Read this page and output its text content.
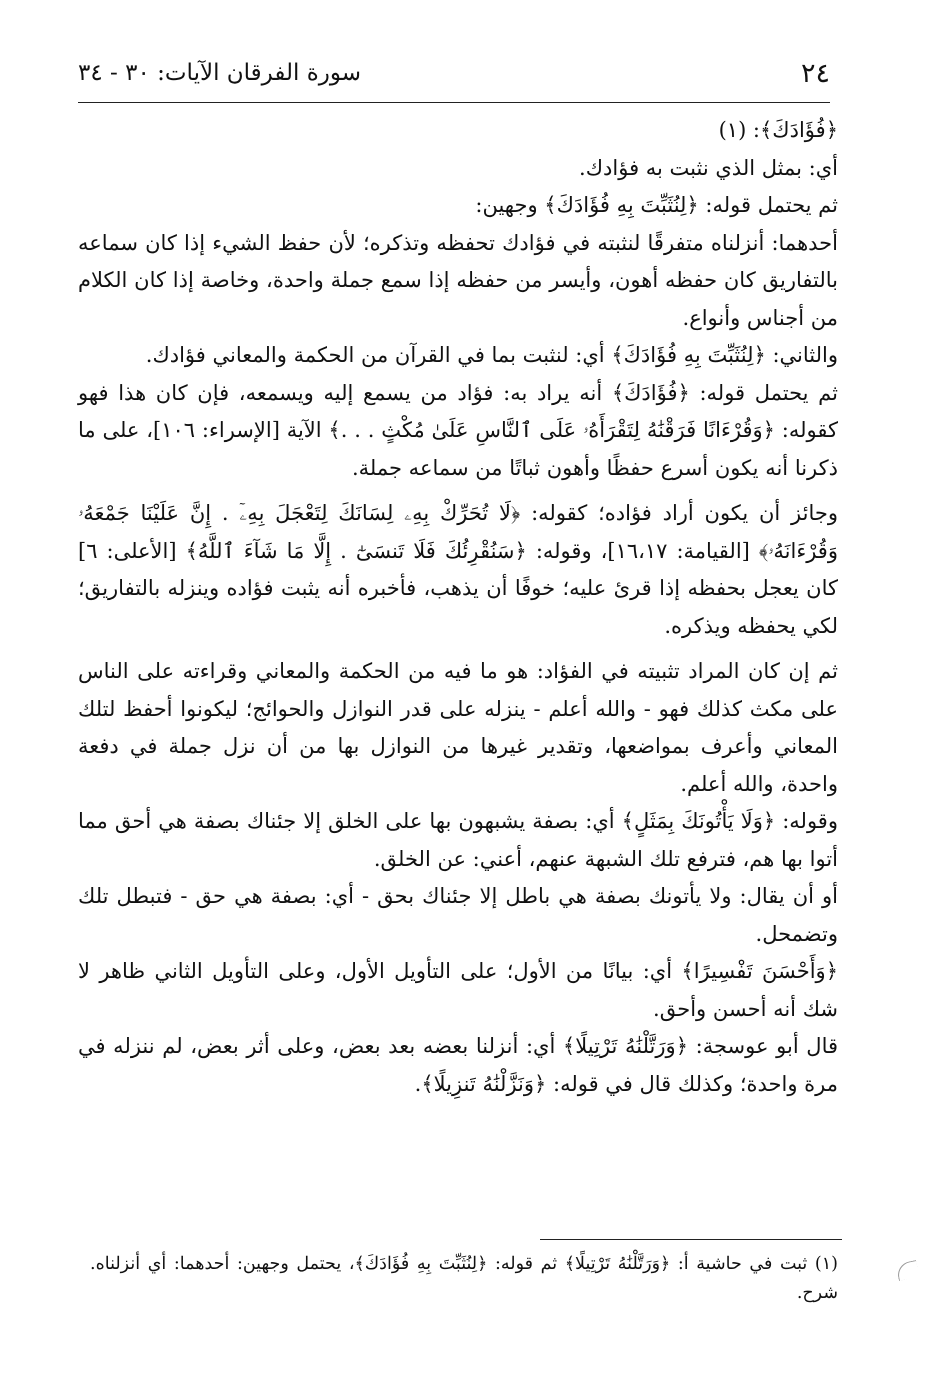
٢٤
سورة الفرقان الآيات: ٣٠ - ٣٤

﴿فُؤَادَكَ﴾: (١)

أي: بمثل الذي نثبت به فؤادك.

ثم يحتمل قوله: ﴿لِنُثَبِّتَ بِهِ فُؤَادَكَ﴾ وجهين:

أحدهما: أنزلناه متفرقًا لنثبته في فؤادك تحفظه وتذكره؛ لأن حفظ الشيء إذا كان سماعه بالتفاريق كان حفظه أهون، وأيسر من حفظه إذا سمع جملة واحدة، وخاصة إذا كان الكلام من أجناس وأنواع.

والثاني: ﴿لِنُثَبِّتَ بِهِ فُؤَادَكَ﴾ أي: لنثبت بما في القرآن من الحكمة والمعاني فؤادك.

ثم يحتمل قوله: ﴿فُؤَادَكَ﴾ أنه يراد به: فؤاد من يسمع إليه ويسمعه، فإن كان هذا فهو كقوله: ﴿وَقُرْءَانًا فَرَقْنَٰهُ لِتَقْرَأَهُۥ عَلَى ٱلنَّاسِ عَلَىٰ مُكْثٍ . . .﴾ الآية [الإسراء: ١٠٦]، على ما ذكرنا أنه يكون أسرع حفظًا وأهون ثباتًا من سماعه جملة.

وجائز أن يكون أراد فؤاده؛ كقوله: ﴿لَا تُحَرِّكْ بِهِۦ لِسَانَكَ لِتَعْجَلَ بِهِۦٓ . إِنَّ عَلَيْنَا جَمْعَهُۥ وَقُرْءَانَهُۥ﴾ [القيامة: ١٦،١٧]، وقوله: ﴿سَنُقْرِئُكَ فَلَا تَنسَىٰٓ . إِلَّا مَا شَآءَ ٱللَّهُ﴾ [الأعلى: ٦] كان يعجل بحفظه إذا قرئ عليه؛ خوفًا أن يذهب، فأخبره أنه يثبت فؤاده وينزله بالتفاريق؛ لكي يحفظه ويذكره.

ثم إن كان المراد تثبيته في الفؤاد: هو ما فيه من الحكمة والمعاني وقراءته على الناس على مكث كذلك فهو - والله أعلم - ينزله على قدر النوازل والحوائج؛ ليكونوا أحفظ لتلك المعاني وأعرف بمواضعها، وتقدير غيرها من النوازل بها من أن نزل جملة في دفعة واحدة، والله أعلم.

وقوله: ﴿وَلَا يَأْتُونَكَ بِمَثَلٍ﴾ أي: بصفة يشبهون بها على الخلق إلا جئناك بصفة هي أحق مما أتوا بها هم، فترفع تلك الشبهة عنهم، أعني: عن الخلق.

أو أن يقال: ولا يأتونك بصفة هي باطل إلا جئناك بحق - أي: بصفة هي حق - فتبطل تلك وتضمحل.

﴿وَأَحْسَنَ تَفْسِيرًا﴾ أي: بيانًا من الأول؛ على التأويل الأول، وعلى التأويل الثاني ظاهر لا شك أنه أحسن وأحق.

قال أبو عوسجة: ﴿وَرَتَّلْنَٰهُ تَرْتِيلًا﴾ أي: أنزلنا بعضه بعد بعض، وعلى أثر بعض، لم ننزله في مرة واحدة؛ وكذلك قال في قوله: ﴿وَنَزَّلْنَٰهُ تَنزِيلًا﴾.

(١) ثبت في حاشية أ: ﴿وَرَتَّلْنَٰهُ تَرْتِيلًا﴾ ثم قوله: ﴿لِنُثَبِّتَ بِهِ فُؤَادَكَ﴾، يحتمل وجهين: أحدهما: أي أنزلناه. شرح.
